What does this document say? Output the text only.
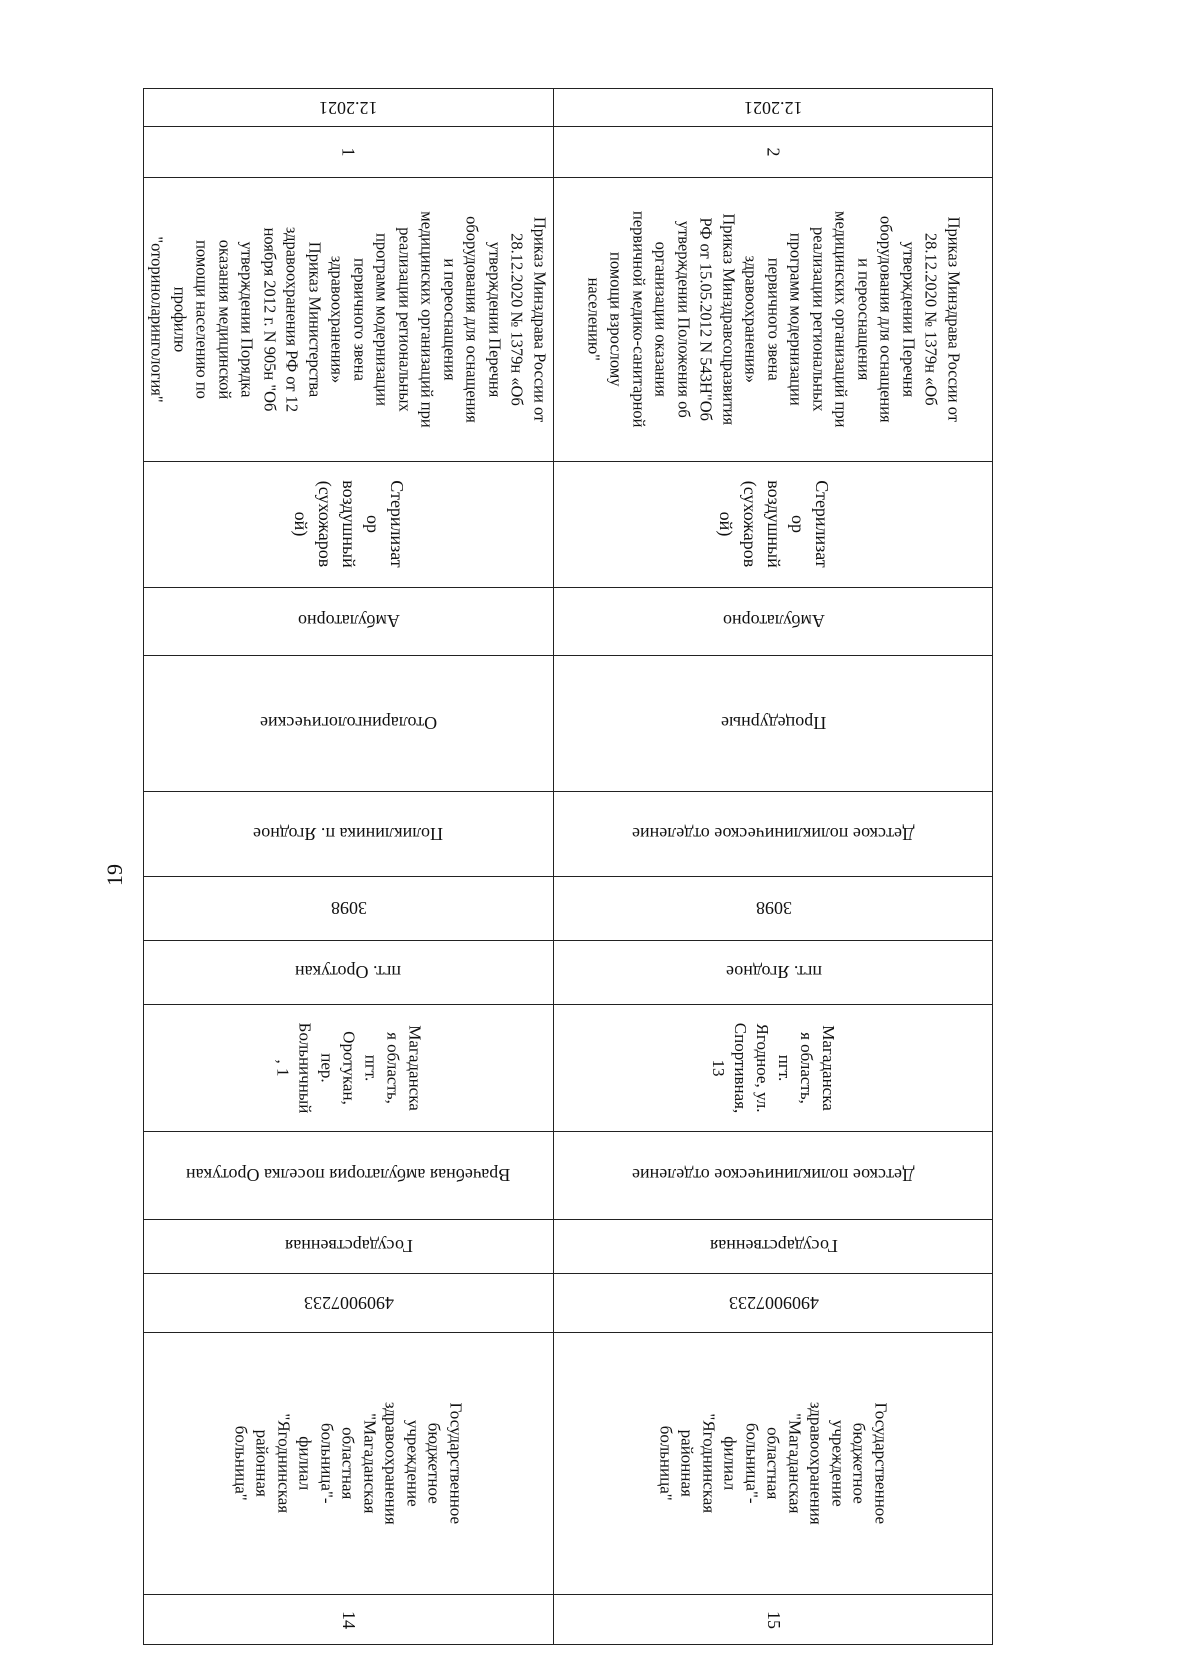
19
12.2021
1
Приказ Минздрава России от
28.12.2020 № 1379н «Об
утверждении Перечня
оборудования для оснащения
и переоснащения
медицинских организаций при
реализации региональных
программ модернизации
первичного звена
здравоохранения»
Приказ Министерства
здравоохранения РФ от 12
ноября 2012 г. N 905н "Об
утверждении Порядка
оказания медицинской
помощи населению по
профилю
"оториноларингология"
Стерилизат
ор
воздушный
(сухожаров
ой)
Амбулаторно
Отоларингологические
Поликлиника п. Ягодное
3098
пгт. Оротукан
Магаданска
я область,
пгт.
Оротукан,
пер.
Больничный
, 1
Врачебная амбулатория поселка Оротукан
Государственная
4909007233
Государственное
бюджетное
учреждение
здравоохранения
"Магаданская
областная
больница"-
филиал
"Ягоднинская
районная
больница"
14
12.2021
2
Приказ Минздрава России от
28.12.2020 № 1379н «Об
утверждении Перечня
оборудования для оснащения
и переоснащения
медицинских организаций при
реализации региональных
программ модернизации
первичного звена
здравоохранения»
Приказ Минздравсоцразвития
РФ от 15.05.2012 N 543Н"Об
утверждении Положения об
организации оказания
первичной медико-санитарной
помощи взрослому
населению"
Стерилизат
ор
воздушный
(сухожаров
ой)
Амбулаторно
Процедурные
Детское поликлиническое отделение
3098
пгт. Ягодное
Магаданска
я область,
пгт.
Ягодное, ул.
Спортивная,
13
Детское поликлиническое отделение
Государственная
4909007233
Государственное
бюджетное
учреждение
здравоохранения
"Магаданская
областная
больница"-
филиал
"Ягоднинская
районная
больница"
15
